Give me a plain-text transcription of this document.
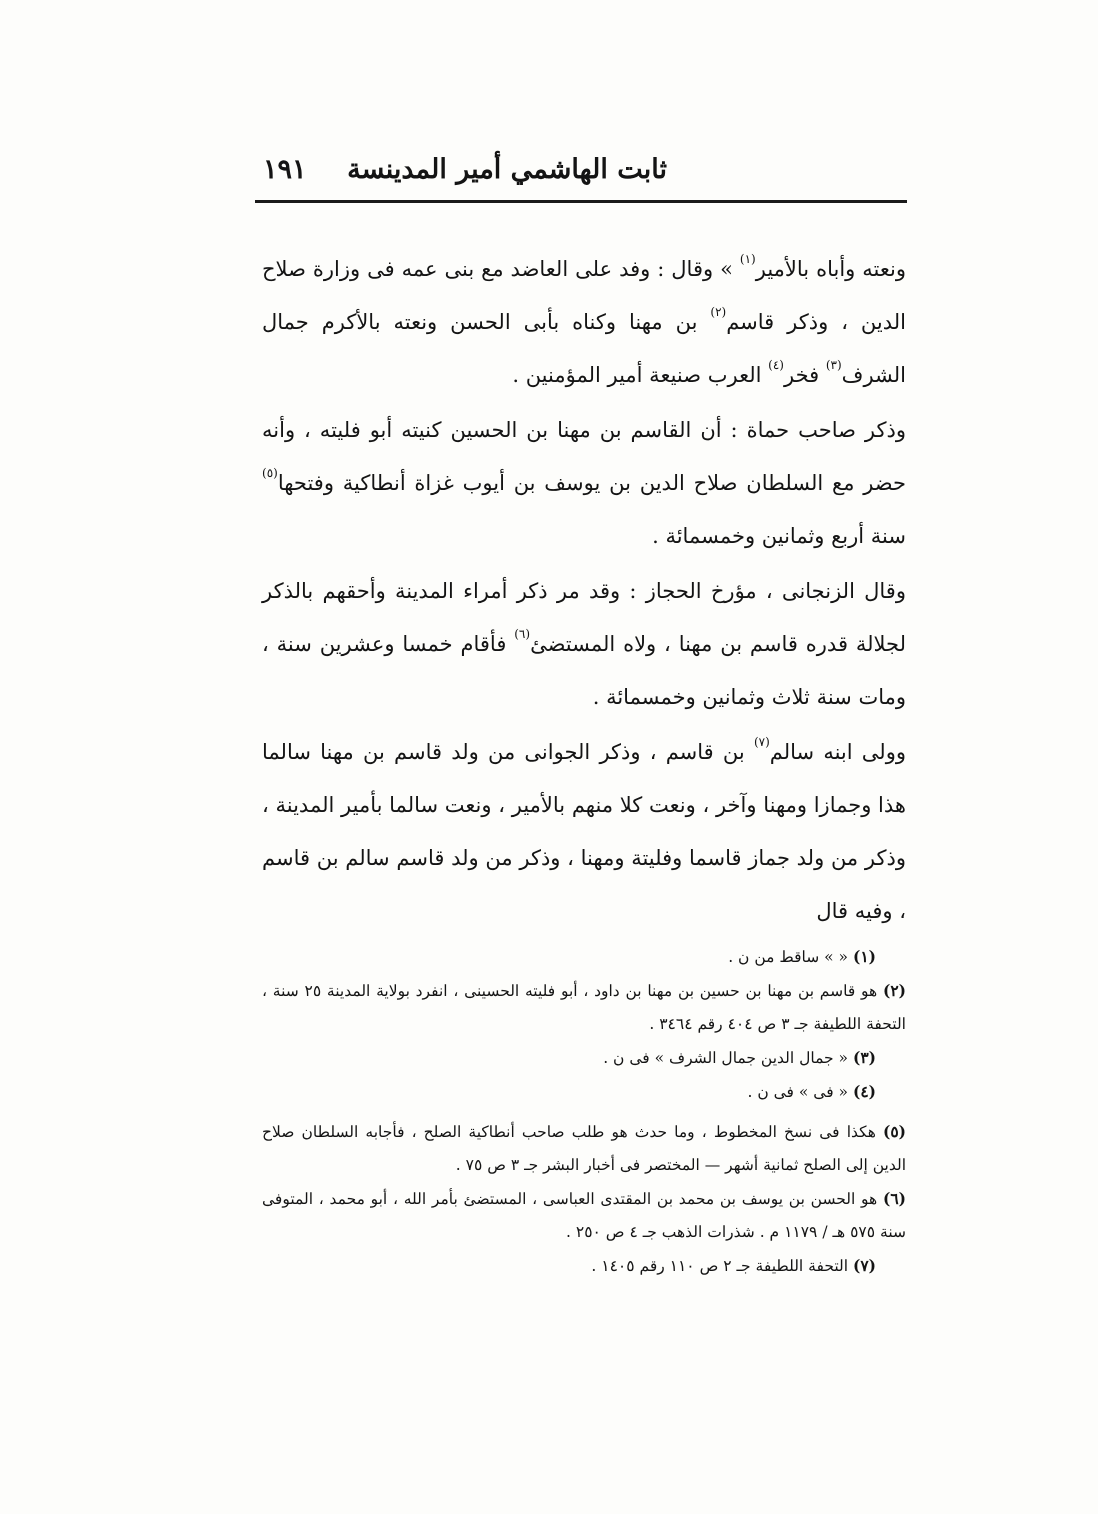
ثابت الهاشمي أمير المدينسة
١٩١

ونعته وأباه بالأمير$^{(١)}$ » وقال : وفد على العاضد مع بنى عمه فى وزارة صلاح الدين ، وذكر قاسم$^{(٢)}$ بن مهنا وكناه بأبى الحسن ونعته بالأكرم جمال الشرف$^{(٣)}$ فخر$^{(٤)}$ العرب صنيعة أمير المؤمنين .

وذكر صاحب حماة : أن القاسم بن مهنا بن الحسين كنيته أبو فليته ، وأنه حضر مع السلطان صلاح الدين بن يوسف بن أيوب غزاة أنطاكية وفتحها$^{(٥)}$ سنة أربع وثمانين وخمسمائة .

وقال الزنجانى ، مؤرخ الحجاز : وقد مر ذكر أمراء المدينة وأحقهم بالذكر لجلالة قدره قاسم بن مهنا ، ولاه المستضئ$^{(٦)}$ فأقام خمسا وعشرين سنة ، ومات سنة ثلاث وثمانين وخمسمائة .

وولى ابنه سالم$^{(٧)}$ بن قاسم ، وذكر الجوانى من ولد قاسم بن مهنا سالما هذا وجمازا ومهنا وآخر ، ونعت كلا منهم بالأمير ، ونعت سالما بأمير المدينة ، وذكر من ولد جماز قاسما وفليتة ومهنا ، وذكر من ولد قاسم سالم بن قاسم ، وفيه قال

(١) « » ساقط من ن .

(٢) هو قاسم بن مهنا بن حسين بن مهنا بن داود ، أبو فليته الحسينى ، انفرد بولاية المدينة ٢٥ سنة ، التحفة اللطيفة جـ ٣ ص ٤٠٤ رقم ٣٤٦٤ .

(٣) « جمال الدين جمال الشرف » فى ن .

(٤) « فى » فى ن .

(٥) هكذا فى نسخ المخطوط ، وما حدث هو طلب صاحب أنطاكية الصلح ، فأجابه السلطان صلاح الدين إلى الصلح ثمانية أشهر — المختصر فى أخبار البشر جـ ٣ ص ٧٥ .

(٦) هو الحسن بن يوسف بن محمد بن المقتدى العباسى ، المستضئ بأمر الله ، أبو محمد ، المتوفى سنة ٥٧٥ هـ / ١١٧٩ م . شذرات الذهب جـ ٤ ص ٢٥٠ .

(٧) التحفة اللطيفة جـ ٢ ص ١١٠ رقم ١٤٠٥ .
